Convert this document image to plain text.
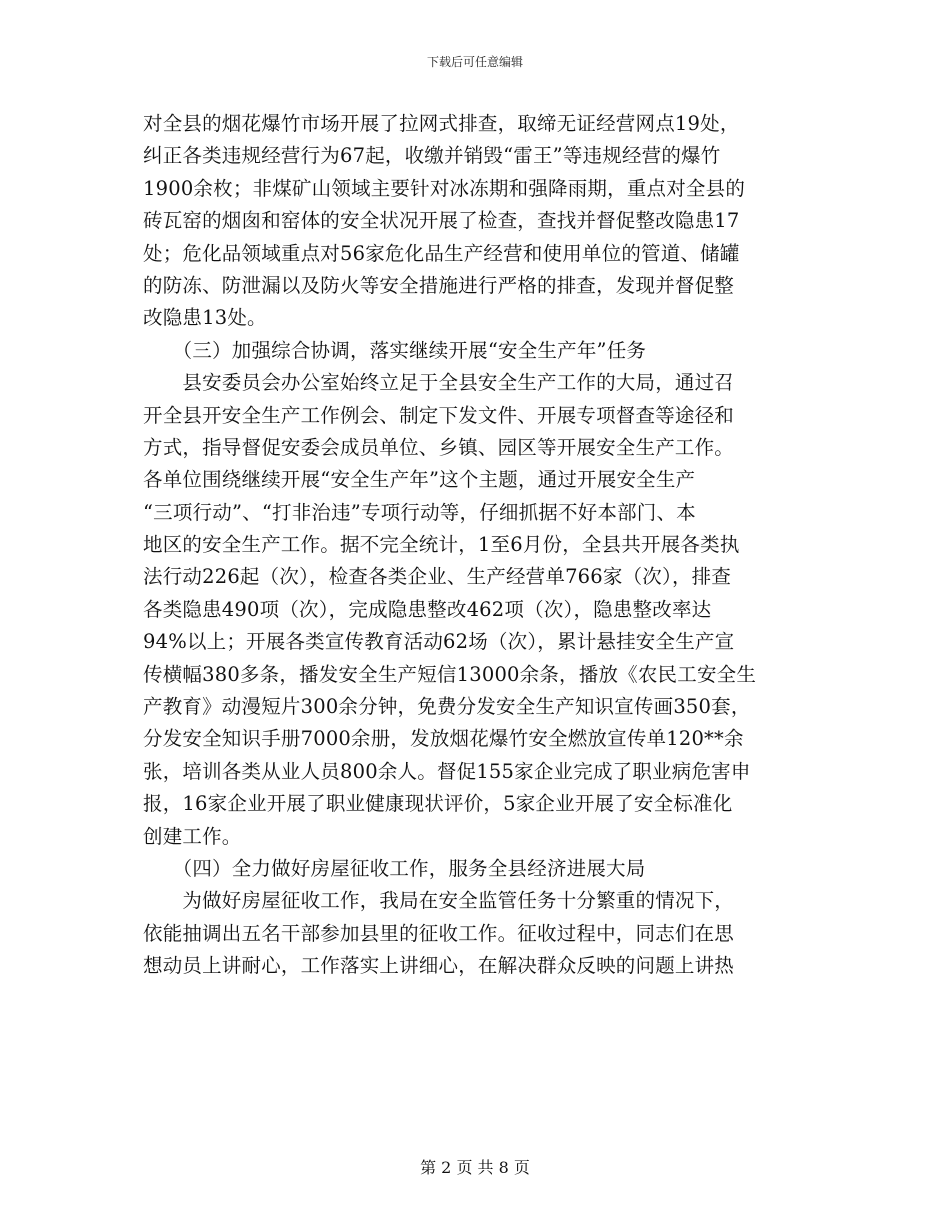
下载后可任意编辑
对全县的烟花爆竹市场开展了拉网式排查，取缔无证经营网点19处，
纠正各类违规经营行为67起，收缴并销毁“雷王”等违规经营的爆竹
1900余枚；非煤矿山领域主要针对冰冻期和强降雨期，重点对全县的
砖瓦窑的烟囱和窑体的安全状况开展了检查，查找并督促整改隐患17
处；危化品领域重点对56家危化品生产经营和使用单位的管道、储罐
的防冻、防泄漏以及防火等安全措施进行严格的排查，发现并督促整
改隐患13处。
　　（三）加强综合协调，落实继续开展“安全生产年”任务
　　县安委员会办公室始终立足于全县安全生产工作的大局，通过召
开全县开安全生产工作例会、制定下发文件、开展专项督查等途径和
方式，指导督促安委会成员单位、乡镇、园区等开展安全生产工作。
各单位围绕继续开展“安全生产年”这个主题，通过开展安全生产
“三项行动”、“打非治违”专项行动等，仔细抓据不好本部门、本
地区的安全生产工作。据不完全统计，1至6月份，全县共开展各类执
法行动226起（次），检查各类企业、生产经营单766家（次），排查
各类隐患490项（次），完成隐患整改462项（次），隐患整改率达
94%以上；开展各类宣传教育活动62场（次），累计悬挂安全生产宣
传横幅380多条，播发安全生产短信13000余条，播放《农民工安全生
产教育》动漫短片300余分钟，免费分发安全生产知识宣传画350套，
分发安全知识手册7000余册，发放烟花爆竹安全燃放宣传单120**余
张，培训各类从业人员800余人。督促155家企业完成了职业病危害申
报，16家企业开展了职业健康现状评价，5家企业开展了安全标准化
创建工作。
　　（四）全力做好房屋征收工作，服务全县经济进展大局
　　为做好房屋征收工作，我局在安全监管任务十分繁重的情况下，
依能抽调出五名干部参加县里的征收工作。征收过程中，同志们在思
想动员上讲耐心，工作落实上讲细心，在解决群众反映的问题上讲热
第 2 页 共 8 页
